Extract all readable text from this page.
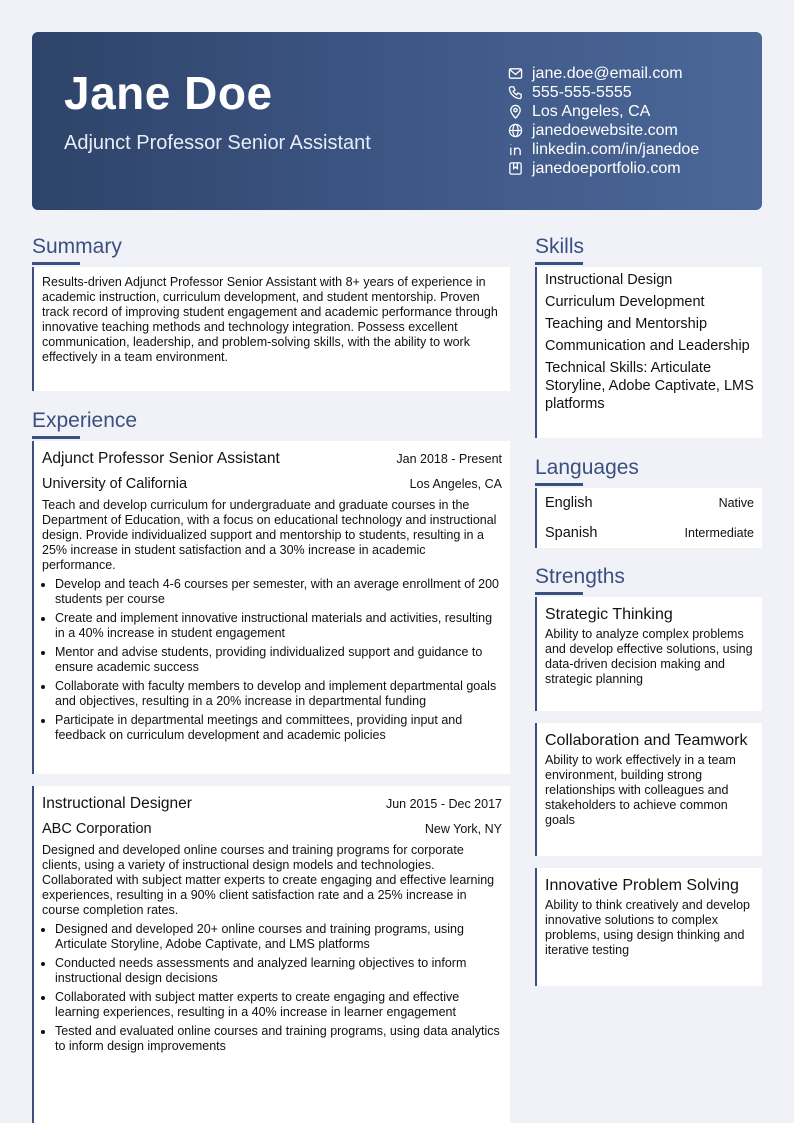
Jane Doe
Adjunct Professor Senior Assistant
jane.doe@email.com
555-555-5555
Los Angeles, CA
janedoewebsite.com
linkedin.com/in/janedoe
janedoeportfolio.com
Summary
Results-driven Adjunct Professor Senior Assistant with 8+ years of experience in academic instruction, curriculum development, and student mentorship. Proven track record of improving student engagement and academic performance through innovative teaching methods and technology integration. Possess excellent communication, leadership, and problem-solving skills, with the ability to work effectively in a team environment.
Experience
Adjunct Professor Senior Assistant	Jan 2018 - Present
University of California	Los Angeles, CA
Teach and develop curriculum for undergraduate and graduate courses in the Department of Education, with a focus on educational technology and instructional design. Provide individualized support and mentorship to students, resulting in a 25% increase in student satisfaction and a 30% increase in academic performance.
• Develop and teach 4-6 courses per semester, with an average enrollment of 200 students per course
• Create and implement innovative instructional materials and activities, resulting in a 40% increase in student engagement
• Mentor and advise students, providing individualized support and guidance to ensure academic success
• Collaborate with faculty members to develop and implement departmental goals and objectives, resulting in a 20% increase in departmental funding
• Participate in departmental meetings and committees, providing input and feedback on curriculum development and academic policies
Instructional Designer	Jun 2015 - Dec 2017
ABC Corporation	New York, NY
Designed and developed online courses and training programs for corporate clients, using a variety of instructional design models and technologies. Collaborated with subject matter experts to create engaging and effective learning experiences, resulting in a 90% client satisfaction rate and a 25% increase in course completion rates.
• Designed and developed 20+ online courses and training programs, using Articulate Storyline, Adobe Captivate, and LMS platforms
• Conducted needs assessments and analyzed learning objectives to inform instructional design decisions
• Collaborated with subject matter experts to create engaging and effective learning experiences, resulting in a 40% increase in learner engagement
• Tested and evaluated online courses and training programs, using data analytics to inform design improvements
Skills
Instructional Design
Curriculum Development
Teaching and Mentorship
Communication and Leadership
Technical Skills: Articulate Storyline, Adobe Captivate, LMS platforms
Languages
English	Native
Spanish	Intermediate
Strengths
Strategic Thinking
Ability to analyze complex problems and develop effective solutions, using data-driven decision making and strategic planning
Collaboration and Teamwork
Ability to work effectively in a team environment, building strong relationships with colleagues and stakeholders to achieve common goals
Innovative Problem Solving
Ability to think creatively and develop innovative solutions to complex problems, using design thinking and iterative testing
